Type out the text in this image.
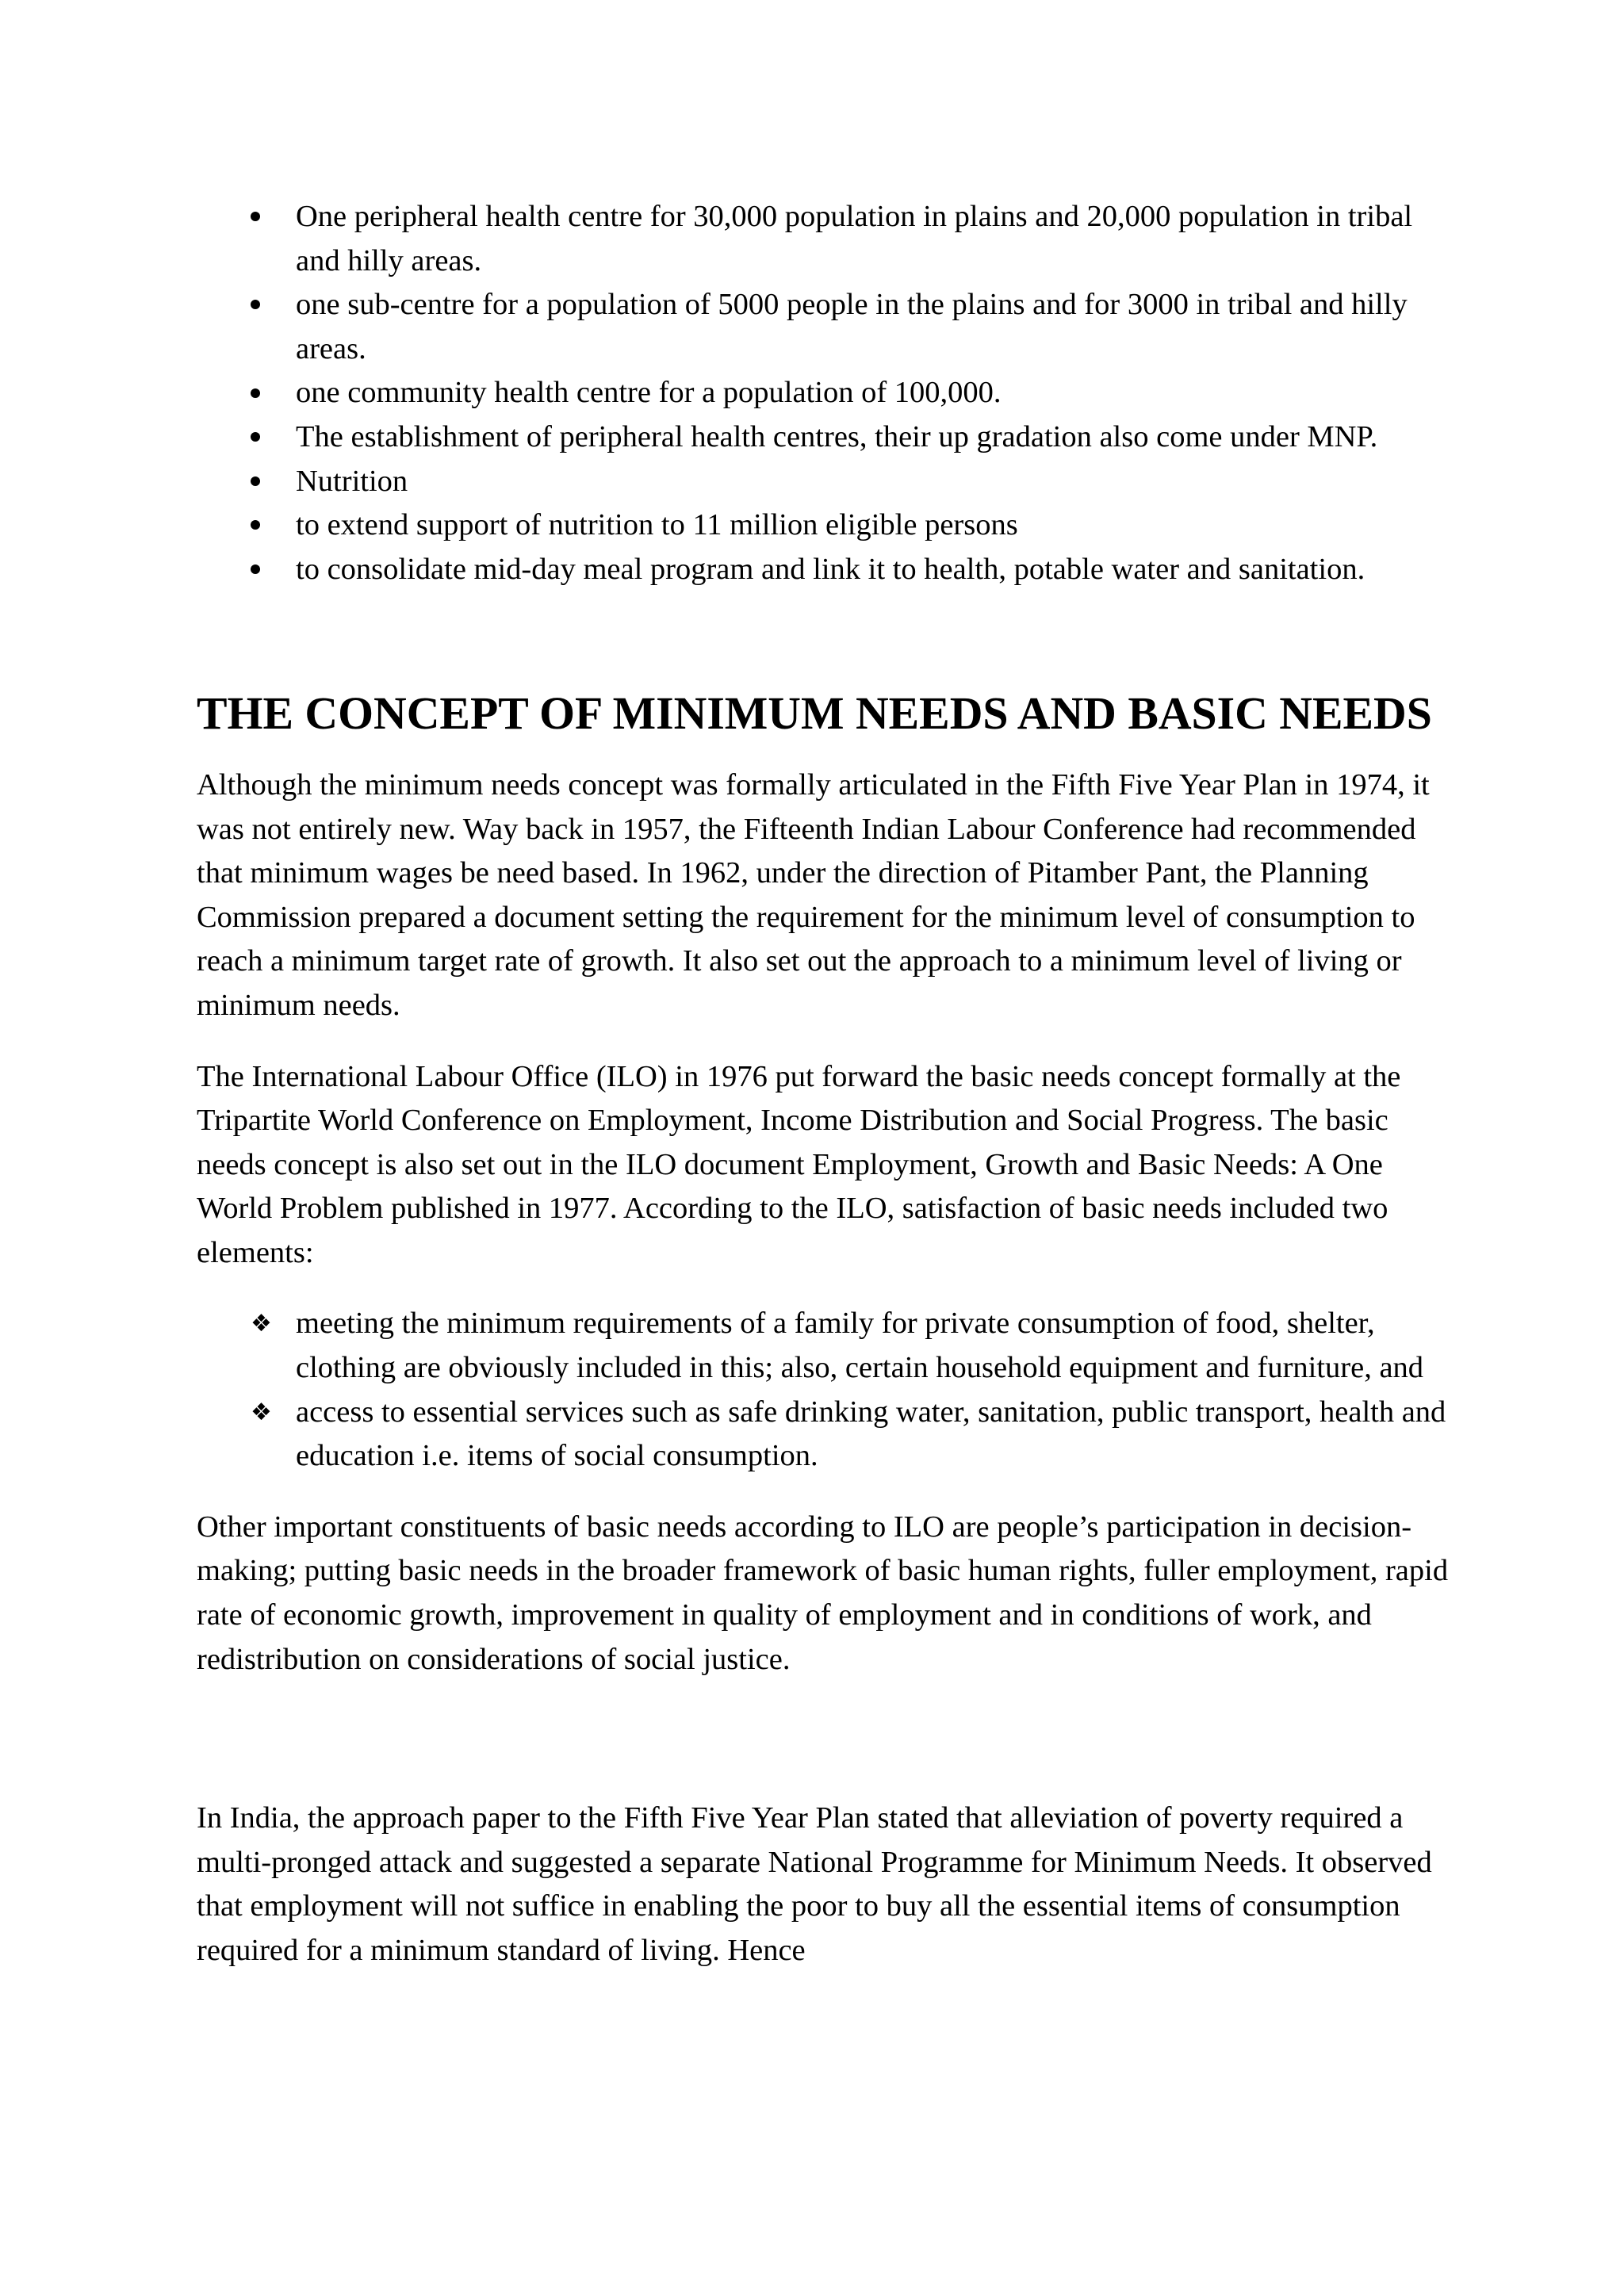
One peripheral health centre for 30,000 population in plains and 20,000 population in tribal and hilly areas.
one sub-centre for a population of 5000 people in the plains and for 3000 in tribal and hilly areas.
one community health centre for a population of 100,000.
The establishment of peripheral health centres, their up gradation also come under MNP.
Nutrition
to extend support of nutrition to 11 million eligible persons
to consolidate mid-day meal program and link it to health, potable water and sanitation.
THE CONCEPT OF MINIMUM NEEDS AND BASIC NEEDS

Although the minimum needs concept was formally articulated in the Fifth Five Year Plan in 1974, it was not entirely new. Way back in 1957, the Fifteenth Indian Labour Conference had recommended that minimum wages be need based. In 1962, under the direction of Pitamber Pant, the Planning Commission prepared a document setting the requirement for the minimum level of consumption to reach a minimum target rate of growth. It also set out the approach to a minimum level of living or minimum needs.

The International Labour Office (ILO) in 1976 put forward the basic needs concept formally at the Tripartite World Conference on Employment, Income Distribution and Social Progress. The basic needs concept is also set out in the ILO document Employment, Growth and Basic Needs: A One World Problem published in 1977. According to the ILO, satisfaction of basic needs included two elements:

❖ meeting the minimum requirements of a family for private consumption of food, shelter, clothing are obviously included in this; also, certain household equipment and furniture, and
❖ access to essential services such as safe drinking water, sanitation, public transport, health and education i.e. items of social consumption.

Other important constituents of basic needs according to ILO are people’s participation in decision-making; putting basic needs in the broader framework of basic human rights, fuller employment, rapid rate of economic growth, improvement in quality of employment and in conditions of work, and redistribution on considerations of social justice.

In India, the approach paper to the Fifth Five Year Plan stated that alleviation of poverty required a multi-pronged attack and suggested a separate National Programme for Minimum Needs. It observed that employment will not suffice in enabling the poor to buy all the essential items of consumption required for a minimum standard of living. Hence
